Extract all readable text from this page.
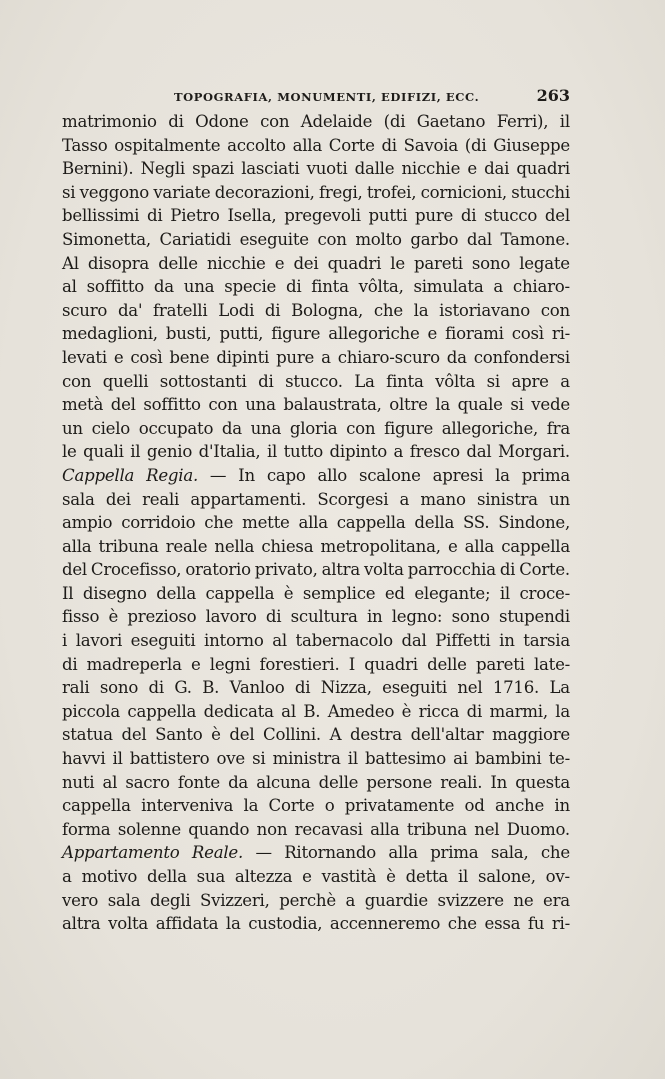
TOPOGRAFIA, MONUMENTI, EDIFIZI, ECC.	263
matrimonio di Odone con Adelaide (di Gaetano Ferri), il
Tasso ospitalmente accolto alla Corte di Savoia (di Giuseppe
Bernini). Negli spazi lasciati vuoti dalle nicchie e dai quadri
si veggono variate decorazioni, fregi, trofei, cornicioni, stucchi
bellissimi di Pietro Isella, pregevoli putti pure di stucco del
Simonetta, Cariatidi eseguite con molto garbo dal Tamone.
Al disopra delle nicchie e dei quadri le pareti sono legate
al soffitto da una specie di finta vôlta, simulata a chiaro-
scuro da' fratelli Lodi di Bologna, che la istoriavano con
medaglioni, busti, putti, figure allegoriche e fiorami così ri-
levati e così bene dipinti pure a chiaro-scuro da confondersi
con quelli sottostanti di stucco. La finta vôlta si apre a
metà del soffitto con una balaustrata, oltre la quale si vede
un cielo occupato da una gloria con figure allegoriche, fra
le quali il genio d'Italia, il tutto dipinto a fresco dal Morgari.
Cappella Regia. — In capo allo scalone apresi la prima
sala dei reali appartamenti. Scorgesi a mano sinistra un
ampio corridoio che mette alla cappella della SS. Sindone,
alla tribuna reale nella chiesa metropolitana, e alla cappella
del Crocefisso, oratorio privato, altra volta parrocchia di Corte.
Il disegno della cappella è semplice ed elegante; il croce-
fisso è prezioso lavoro di scultura in legno: sono stupendi
i lavori eseguiti intorno al tabernacolo dal Piffetti in tarsia
di madreperla e legni forestieri. I quadri delle pareti late-
rali sono di G. B. Vanloo di Nizza, eseguiti nel 1716. La
piccola cappella dedicata al B. Amedeo è ricca di marmi, la
statua del Santo è del Collini. A destra dell'altar maggiore
havvi il battistero ove si ministra il battesimo ai bambini te-
nuti al sacro fonte da alcuna delle persone reali. In questa
cappella interveniva la Corte o privatamente od anche in
forma solenne quando non recavasi alla tribuna nel Duomo.
Appartamento Reale. — Ritornando alla prima sala, che
a motivo della sua altezza e vastità è detta il salone, ov-
vero sala degli Svizzeri, perchè a guardie svizzere ne era
altra volta affidata la custodia, accenneremo che essa fu ri-
